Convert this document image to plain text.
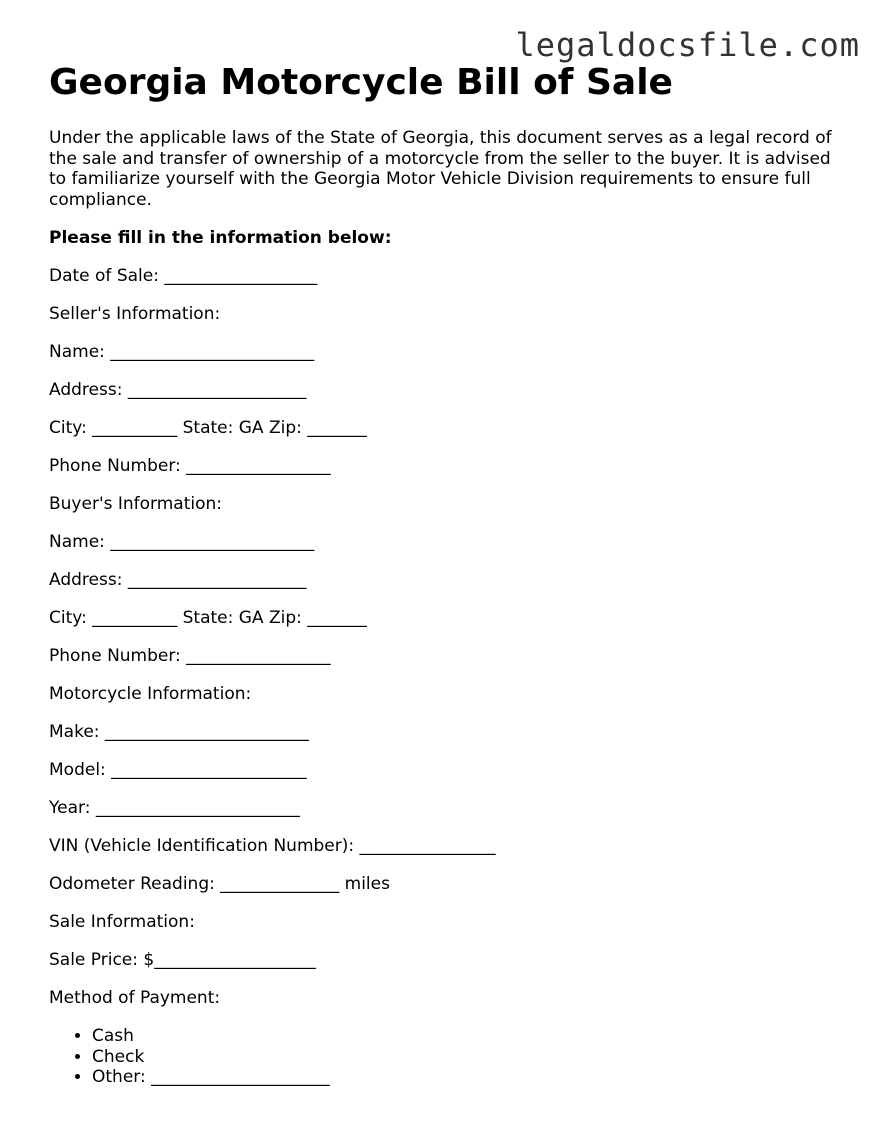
legaldocsfile.com
Georgia Motorcycle Bill of Sale

Under the applicable laws of the State of Georgia, this document serves as a legal record of the sale and transfer of ownership of a motorcycle from the seller to the buyer. It is advised to familiarize yourself with the Georgia Motor Vehicle Division requirements to ensure full compliance.

Please fill in the information below:

Date of Sale: __________________

Seller's Information:

Name: ________________________

Address: _____________________

City: __________ State: GA Zip: _______

Phone Number: _________________

Buyer's Information:

Name: ________________________

Address: _____________________

City: __________ State: GA Zip: _______

Phone Number: _________________

Motorcycle Information:

Make: ________________________

Model: _______________________

Year: ________________________

VIN (Vehicle Identification Number): ________________

Odometer Reading: ______________ miles

Sale Information:

Sale Price: $___________________

Method of Payment:

• Cash
• Check
• Other: _____________________
